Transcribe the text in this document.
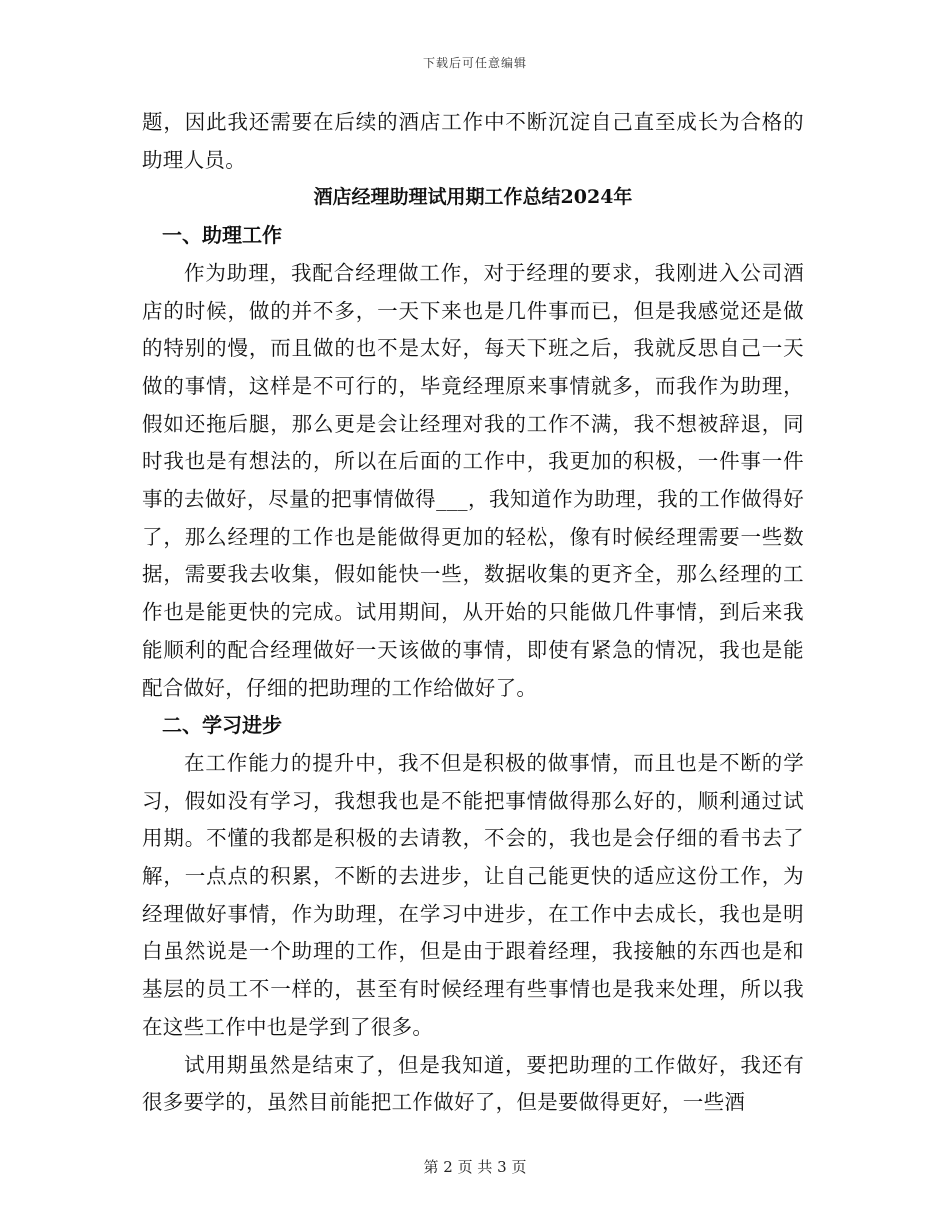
下载后可任意编辑

题，因此我还需要在后续的酒店工作中不断沉淀自己直至成长为合格的助理人员。

酒店经理助理试用期工作总结2024年

一、助理工作

作为助理，我配合经理做工作，对于经理的要求，我刚进入公司酒店的时候，做的并不多，一天下来也是几件事而已，但是我感觉还是做的特别的慢，而且做的也不是太好，每天下班之后，我就反思自己一天做的事情，这样是不可行的，毕竟经理原来事情就多，而我作为助理，假如还拖后腿，那么更是会让经理对我的工作不满，我不想被辞退，同时我也是有想法的，所以在后面的工作中，我更加的积极，一件事一件事的去做好，尽量的把事情做得___，我知道作为助理，我的工作做得好了，那么经理的工作也是能做得更加的轻松，像有时候经理需要一些数据，需要我去收集，假如能快一些，数据收集的更齐全，那么经理的工作也是能更快的完成。试用期间，从开始的只能做几件事情，到后来我能顺利的配合经理做好一天该做的事情，即使有紧急的情况，我也是能配合做好，仔细的把助理的工作给做好了。

二、学习进步

在工作能力的提升中，我不但是积极的做事情，而且也是不断的学习，假如没有学习，我想我也是不能把事情做得那么好的，顺利通过试用期。不懂的我都是积极的去请教，不会的，我也是会仔细的看书去了解，一点点的积累，不断的去进步，让自己能更快的适应这份工作，为经理做好事情，作为助理，在学习中进步，在工作中去成长，我也是明白虽然说是一个助理的工作，但是由于跟着经理，我接触的东西也是和基层的员工不一样的，甚至有时候经理有些事情也是我来处理，所以我在这些工作中也是学到了很多。

试用期虽然是结束了，但是我知道，要把助理的工作做好，我还有很多要学的，虽然目前能把工作做好了，但是要做得更好，一些酒

第 2 页 共 3 页
